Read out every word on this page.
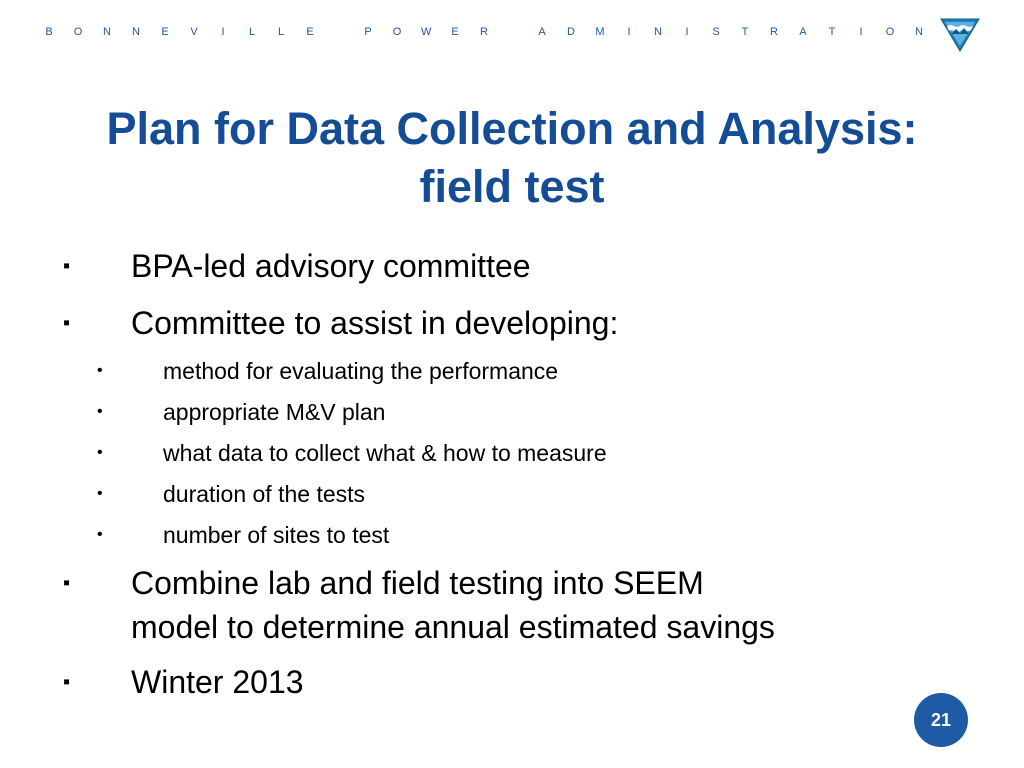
B O N N E V	I	L L E	P O W E R	A D M	I	N	I	S T R A T	I	O N
Plan for Data Collection and Analysis:
field test
▪ BPA-led advisory committee
▪ Committee to assist in developing:
•	method for evaluating the performance
•	appropriate M&V plan
•	what data to collect what & how to measure
•	duration of the tests
•	number of sites to test
▪ Combine lab and field testing into SEEM
model to determine annual estimated savings
▪ Winter 2013
21
